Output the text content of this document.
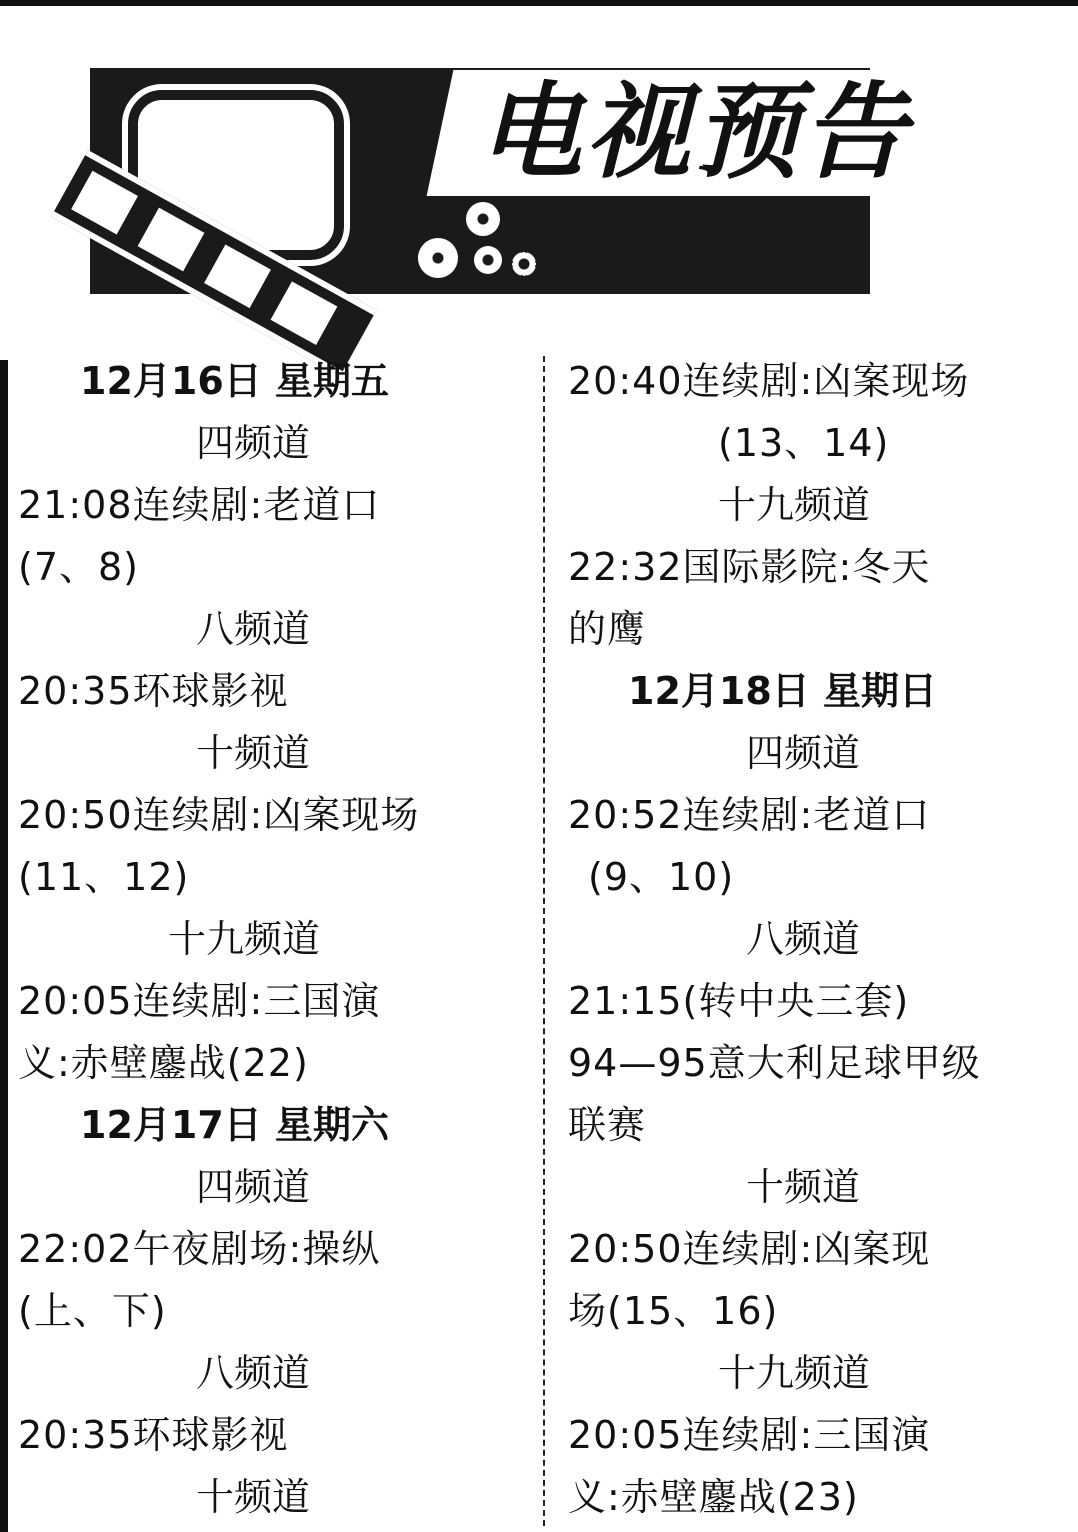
电视预告
12月16日 星期五
四频道
21:08连续剧:老道口
(7、8)
八频道
20:35环球影视
十频道
20:50连续剧:凶案现场
(11、12)
十九频道
20:05连续剧:三国演
义:赤壁鏖战(22)
12月17日 星期六
四频道
22:02午夜剧场:操纵
(上、下)
八频道
20:35环球影视
十频道
20:40连续剧:凶案现场
(13、14)
十九频道
22:32国际影院:冬天
的鹰
12月18日 星期日
四频道
20:52连续剧:老道口
(9、10)
八频道
21:15(转中央三套)
94—95意大利足球甲级
联赛
十频道
20:50连续剧:凶案现
场(15、16)
十九频道
20:05连续剧:三国演
义:赤壁鏖战(23)
